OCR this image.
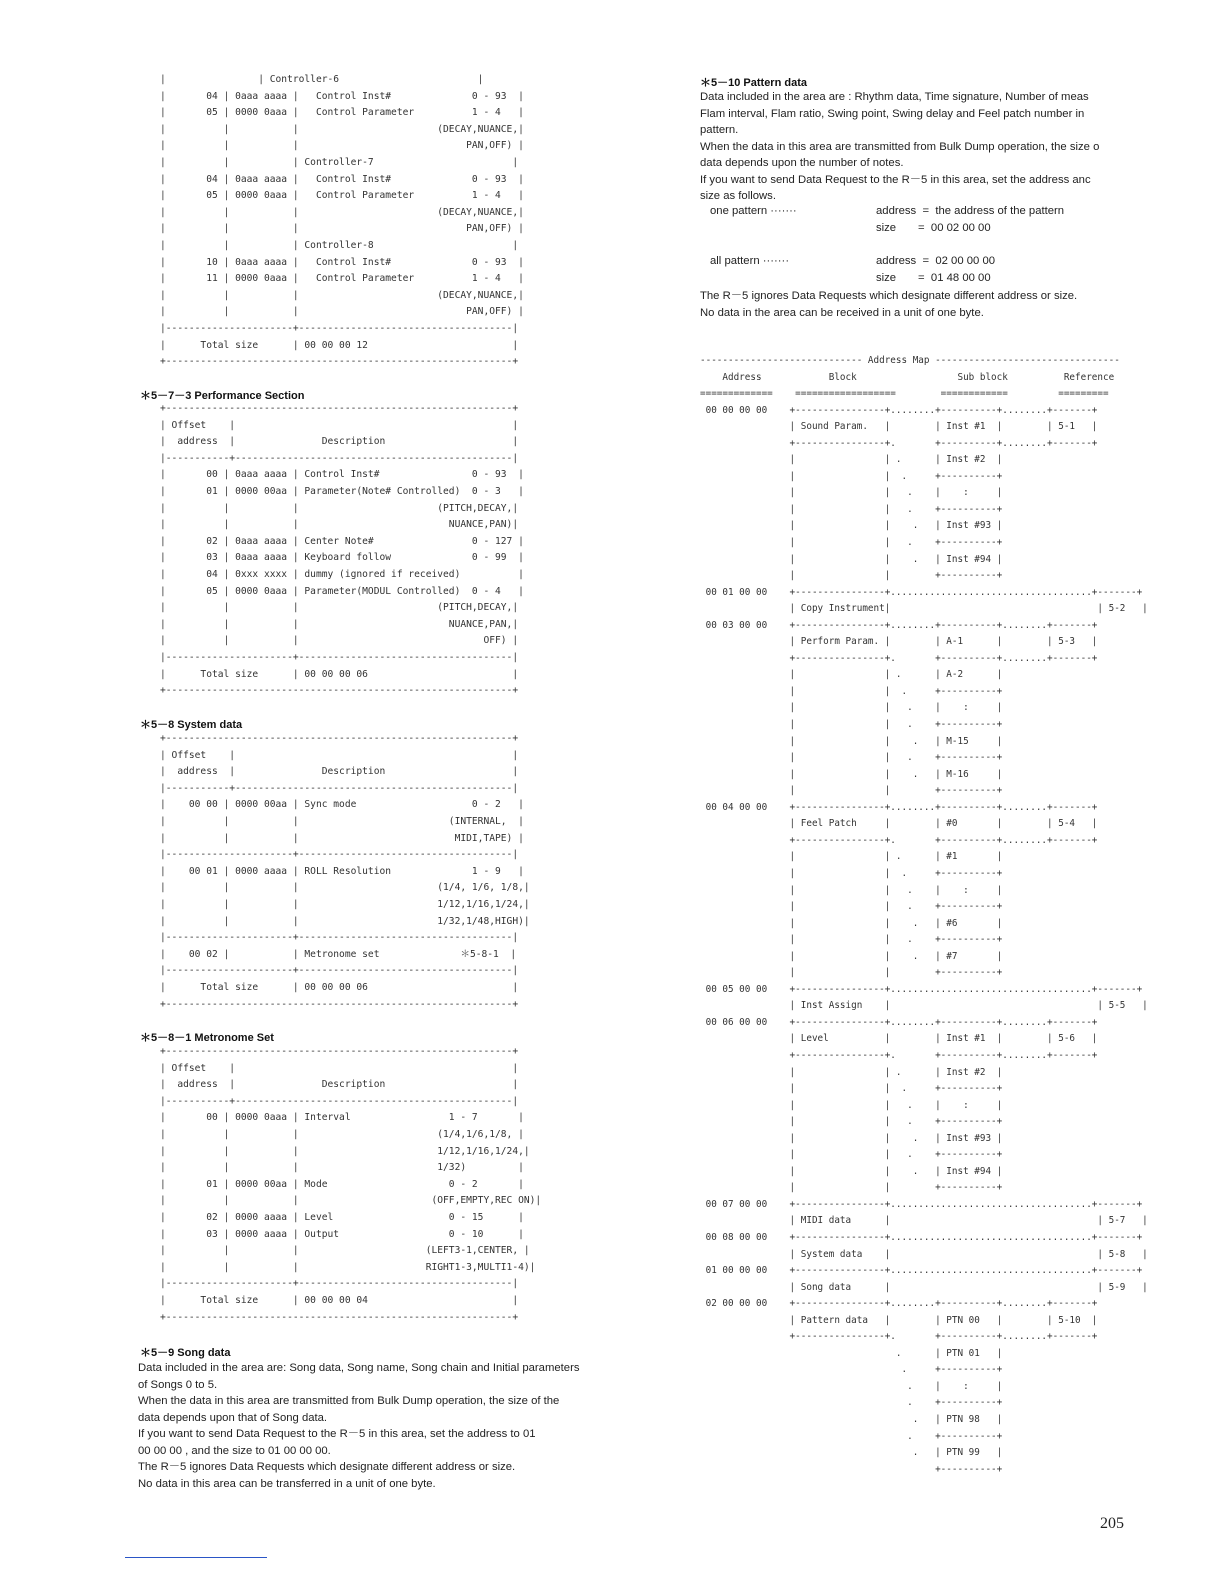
|                | Controller-6                        |
|       04 | 0aaa aaaa |   Control Inst#              0 - 93  |
|       05 | 0000 0aaa |   Control Parameter          1 - 4   |
|          |           |                        (DECAY,NUANCE,|
|          |           |                             PAN,OFF) |
|          |           | Controller-7                        |
|       04 | 0aaa aaaa |   Control Inst#              0 - 93  |
|       05 | 0000 0aaa |   Control Parameter          1 - 4   |
|          |           |                        (DECAY,NUANCE,|
|          |           |                             PAN,OFF) |
|          |           | Controller-8                        |
|       10 | 0aaa aaaa |   Control Inst#              0 - 93  |
|       11 | 0000 0aaa |   Control Parameter          1 - 4   |
|          |           |                        (DECAY,NUANCE,|
|          |           |                             PAN,OFF) |
|----------------------+-------------------------------------|
|      Total size      | 00 00 00 12                         |
+------------------------------------------------------------+
＊5－7－3 Performance Section
+------------------------------------------------------------+
| Offset    |                                                |
|  address  |               Description                      |
|-----------+------------------------------------------------|
|       00 | 0aaa aaaa | Control Inst#                0 - 93  |
|       01 | 0000 00aa | Parameter(Note# Controlled)  0 - 3   |
|          |           |                        (PITCH,DECAY,|
|          |           |                          NUANCE,PAN)|
|       02 | 0aaa aaaa | Center Note#                 0 - 127 |
|       03 | 0aaa aaaa | Keyboard follow              0 - 99  |
|       04 | 0xxx xxxx | dummy (ignored if received)          |
|       05 | 0000 0aaa | Parameter(MODUL Controlled)  0 - 4   |
|          |           |                        (PITCH,DECAY,|
|          |           |                          NUANCE,PAN,|
|          |           |                                OFF) |
|----------------------+-------------------------------------|
|      Total size      | 00 00 00 06                         |
+------------------------------------------------------------+
＊5－8 System data
+------------------------------------------------------------+
| Offset    |                                                |
|  address  |               Description                      |
|-----------+------------------------------------------------|
|    00 00 | 0000 00aa | Sync mode                    0 - 2   |
|          |           |                          (INTERNAL,  |
|          |           |                           MIDI,TAPE) |
|----------------------+-------------------------------------|
|    00 01 | 0000 aaaa | ROLL Resolution              1 - 9   |
|          |           |                        (1/4, 1/6, 1/8,|
|          |           |                        1/12,1/16,1/24,|
|          |           |                        1/32,1/48,HIGH)|
|----------------------+-------------------------------------|
|    00 02 |           | Metronome set              ＊5-8-1  |
|----------------------+-------------------------------------|
|      Total size      | 00 00 00 06                         |
+------------------------------------------------------------+
＊5－8－1 Metronome Set
+------------------------------------------------------------+
| Offset    |                                                |
|  address  |               Description                      |
|-----------+------------------------------------------------|
|       00 | 0000 0aaa | Interval                 1 - 7       |
|          |           |                        (1/4,1/6,1/8, |
|          |           |                        1/12,1/16,1/24,|
|          |           |                        1/32)         |
|       01 | 0000 00aa | Mode                     0 - 2       |
|          |           |                       (OFF,EMPTY,REC ON)|
|       02 | 0000 aaaa | Level                    0 - 15      |
|       03 | 0000 aaaa | Output                   0 - 10      |
|          |           |                      (LEFT3-1,CENTER, |
|          |           |                      RIGHT1-3,MULTI1-4)|
|----------------------+-------------------------------------|
|      Total size      | 00 00 00 04                         |
+------------------------------------------------------------+
＊5－9 Song data

Data included in the area are: Song data, Song name, Song chain and Initial parameters

of Songs 0 to 5.

When the data in this area are transmitted from Bulk Dump operation, the size of the

data depends upon that of Song data.

If you want to send Data Request to the R－5 in this area, set the address to 01

00 00 00 , and the size to 01 00 00 00.

The R－5 ignores Data Requests which designate different address or size.

No data in this area can be transferred in a unit of one byte.

＊5－10 Pattern data

Data included in the area are : Rhythm data, Time signature, Number of meas

Flam interval, Flam ratio, Swing point, Swing delay and Feel patch number in

pattern.

When the data in this area are transmitted from Bulk Dump operation, the size o

data depends upon the number of notes.

If you want to send Data Request to the R－5 in this area, set the address anc

size as follows.

one pattern ·······	address  =  the address of the pattern
size       =  00 02 00 00
all pattern ·······	address  =  02 00 00 00
size       =  01 48 00 00

The R－5 ignores Data Requests which designate different address or size.

No data in the area can be received in a unit of one byte.

----------------------------- Address Map ---------------------------------
Address            Block                  Sub block          Reference
=============    ==================        ============         =========
00 00 00 00    +----------------+........+----------+........+-------+
| Sound Param.   |        | Inst #1  |        | 5-1   |
+----------------+.       +----------+........+-------+
|                | .      | Inst #2  |
|                |  .     +----------+
|                |   .    |    :     |
|                |   .    +----------+
|                |    .   | Inst #93 |
|                |   .    +----------+
|                |    .   | Inst #94 |
|                |        +----------+
00 01 00 00    +----------------+....................................+-------+
| Copy Instrument|                                     | 5-2   |
00 03 00 00    +----------------+........+----------+........+-------+
| Perform Param. |        | A-1      |        | 5-3   |
+----------------+.       +----------+........+-------+
|                | .      | A-2      |
|                |  .     +----------+
|                |   .    |    :     |
|                |   .    +----------+
|                |    .   | M-15     |
|                |   .    +----------+
|                |    .   | M-16     |
|                |        +----------+
00 04 00 00    +----------------+........+----------+........+-------+
| Feel Patch     |        | #0       |        | 5-4   |
+----------------+.       +----------+........+-------+
|                | .      | #1       |
|                |  .     +----------+
|                |   .    |    :     |
|                |   .    +----------+
|                |    .   | #6       |
|                |   .    +----------+
|                |    .   | #7       |
|                |        +----------+
00 05 00 00    +----------------+....................................+-------+
| Inst Assign    |                                     | 5-5   |
00 06 00 00    +----------------+........+----------+........+-------+
| Level          |        | Inst #1  |        | 5-6   |
+----------------+.       +----------+........+-------+
|                | .      | Inst #2  |
|                |  .     +----------+
|                |   .    |    :     |
|                |   .    +----------+
|                |    .   | Inst #93 |
|                |   .    +----------+
|                |    .   | Inst #94 |
|                |        +----------+
00 07 00 00    +----------------+....................................+-------+
| MIDI data      |                                     | 5-7   |
00 08 00 00    +----------------+....................................+-------+
| System data    |                                     | 5-8   |
01 00 00 00    +----------------+....................................+-------+
| Song data      |                                     | 5-9   |
02 00 00 00    +----------------+........+----------+........+-------+
| Pattern data   |        | PTN 00   |        | 5-10  |
+----------------+.       +----------+........+-------+
.      | PTN 01   |
.     +----------+
.    |    :     |
.    +----------+
.   | PTN 98   |
.    +----------+
.   | PTN 99   |
+----------+
205
